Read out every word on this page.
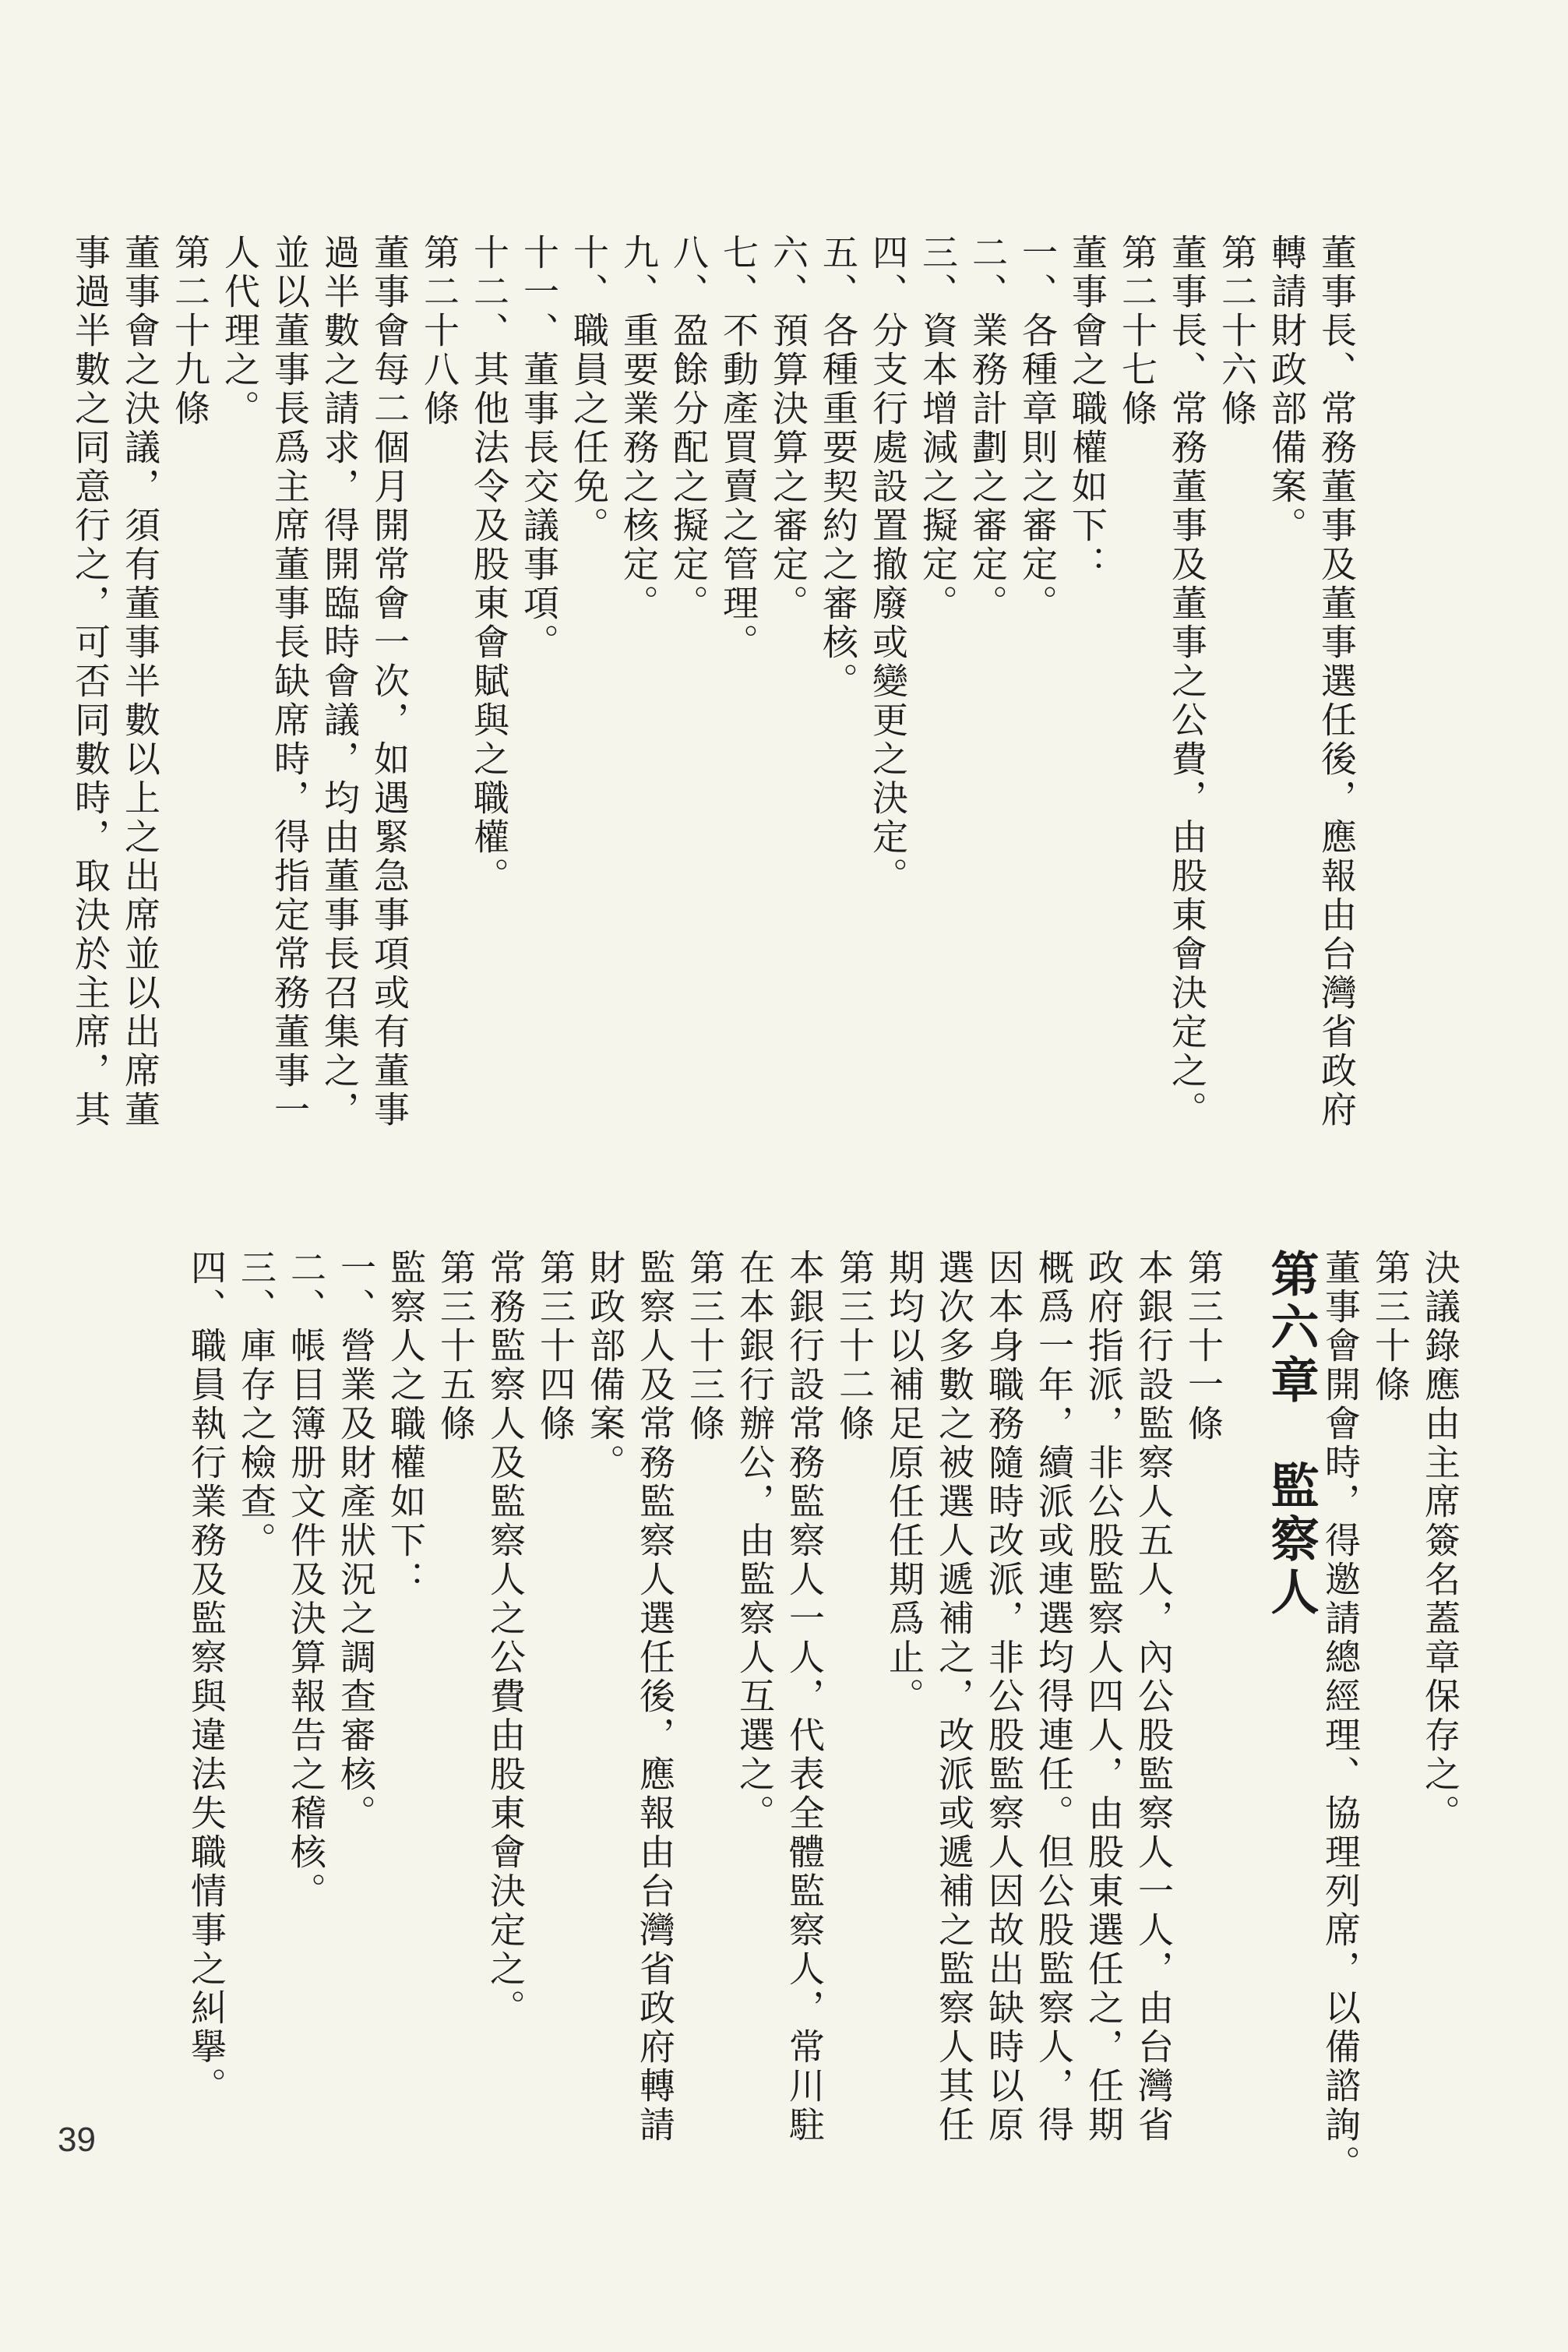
董事長、常務董事及董事選任後，應報由台灣省政府
轉請財政部備案。
第二十六條
董事長、常務董事及董事之公費，由股東會決定之。
第二十七條
董事會之職權如下：
一、各種章則之審定。
二、業務計劃之審定。
三、資本增減之擬定。
四、分支行處設置撤廢或變更之決定。
五、各種重要契約之審核。
六、預算決算之審定。
七、不動產買賣之管理。
八、盈餘分配之擬定。
九、重要業務之核定。
十、職員之任免。
十一、董事長交議事項。
十二、其他法令及股東會賦與之職權。
第二十八條
董事會每二個月開常會一次，如遇緊急事項或有董事
過半數之請求，得開臨時會議，均由董事長召集之，
並以董事長爲主席董事長缺席時，得指定常務董事一
人代理之。
第二十九條
董事會之決議，須有董事半數以上之出席並以出席董
事過半數之同意行之，可否同數時，取決於主席，其
決議錄應由主席簽名蓋章保存之。
第三十條
董事會開會時，得邀請總經理、協理列席，以備諮詢。
第六章　監察人
第三十一條
本銀行設監察人五人，內公股監察人一人，由台灣省
政府指派，非公股監察人四人，由股東選任之，任期
概爲一年，續派或連選均得連任。但公股監察人，得
因本身職務隨時改派，非公股監察人因故出缺時以原
選次多數之被選人遞補之，改派或遞補之監察人其任
期均以補足原任任期爲止。
第三十二條
本銀行設常務監察人一人，代表全體監察人，常川駐
在本銀行辦公，由監察人互選之。
第三十三條
監察人及常務監察人選任後，應報由台灣省政府轉請
財政部備案。
第三十四條
常務監察人及監察人之公費由股東會決定之。
第三十五條
監察人之職權如下：
一、營業及財產狀況之調查審核。
二、帳目簿册文件及決算報告之稽核。
三、庫存之檢查。
四、職員執行業務及監察與違法失職情事之糾擧。
39
